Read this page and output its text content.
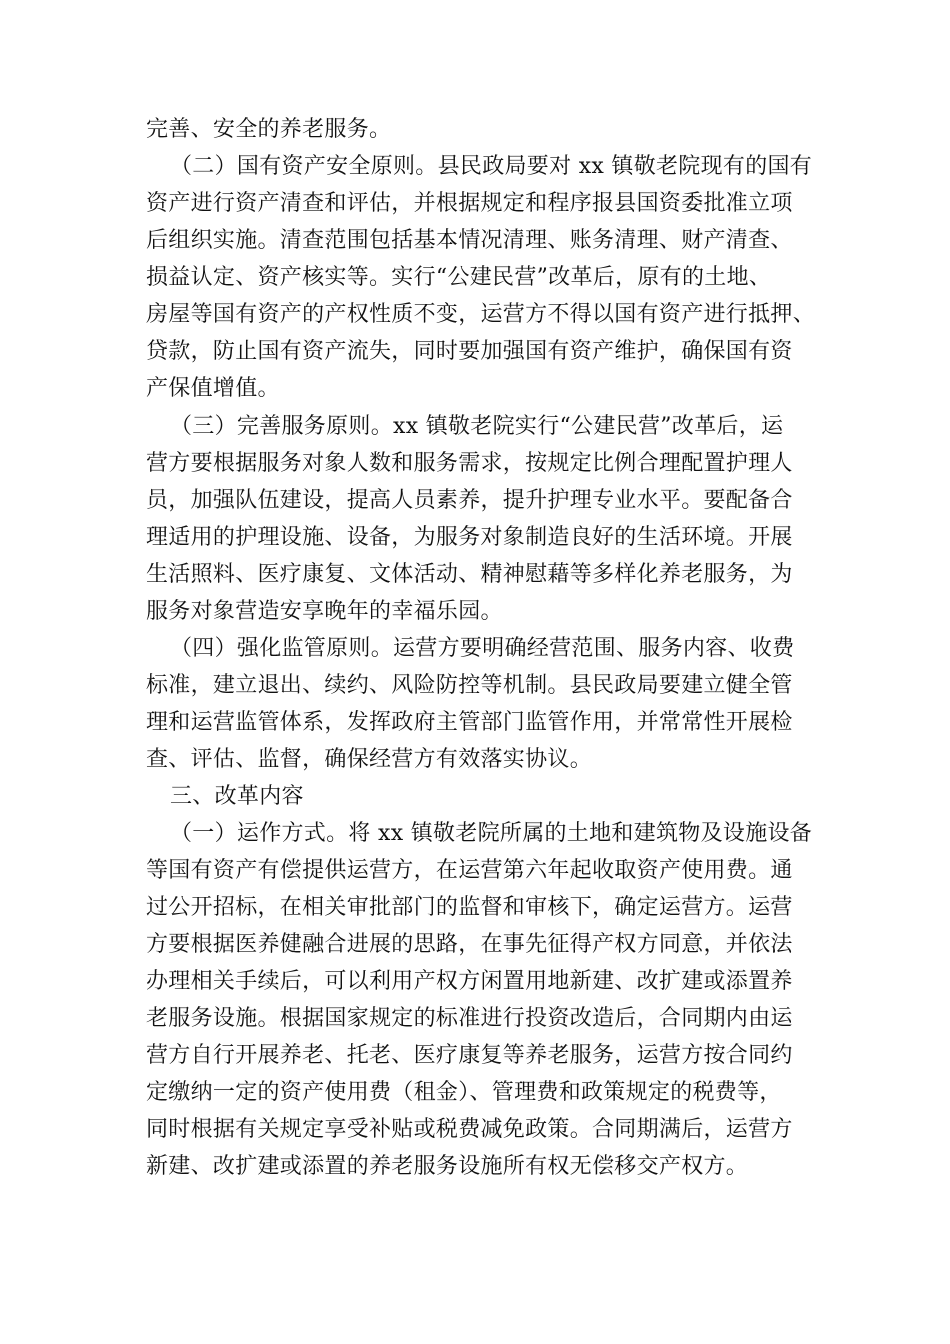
完善、安全的养老服务。
（二）国有资产安全原则。县民政局要对 xx 镇敬老院现有的国有
资产进行资产清查和评估，并根据规定和程序报县国资委批准立项
后组织实施。清查范围包括基本情况清理、账务清理、财产清查、
损益认定、资产核实等。实行“公建民营”改革后，原有的土地、
房屋等国有资产的产权性质不变，运营方不得以国有资产进行抵押、
贷款，防止国有资产流失，同时要加强国有资产维护，确保国有资
产保值增值。
（三）完善服务原则。xx 镇敬老院实行“公建民营”改革后，运
营方要根据服务对象人数和服务需求，按规定比例合理配置护理人
员，加强队伍建设，提高人员素养，提升护理专业水平。要配备合
理适用的护理设施、设备，为服务对象制造良好的生活环境。开展
生活照料、医疗康复、文体活动、精神慰藉等多样化养老服务，为
服务对象营造安享晚年的幸福乐园。
（四）强化监管原则。运营方要明确经营范围、服务内容、收费
标准，建立退出、续约、风险防控等机制。县民政局要建立健全管
理和运营监管体系，发挥政府主管部门监管作用，并常常性开展检
查、评估、监督，确保经营方有效落实协议。
三、改革内容
（一）运作方式。将 xx 镇敬老院所属的土地和建筑物及设施设备
等国有资产有偿提供运营方，在运营第六年起收取资产使用费。通
过公开招标，在相关审批部门的监督和审核下，确定运营方。运营
方要根据医养健融合进展的思路，在事先征得产权方同意，并依法
办理相关手续后，可以利用产权方闲置用地新建、改扩建或添置养
老服务设施。根据国家规定的标准进行投资改造后，合同期内由运
营方自行开展养老、托老、医疗康复等养老服务，运营方按合同约
定缴纳一定的资产使用费（租金）、管理费和政策规定的税费等，
同时根据有关规定享受补贴或税费减免政策。合同期满后，运营方
新建、改扩建或添置的养老服务设施所有权无偿移交产权方。
